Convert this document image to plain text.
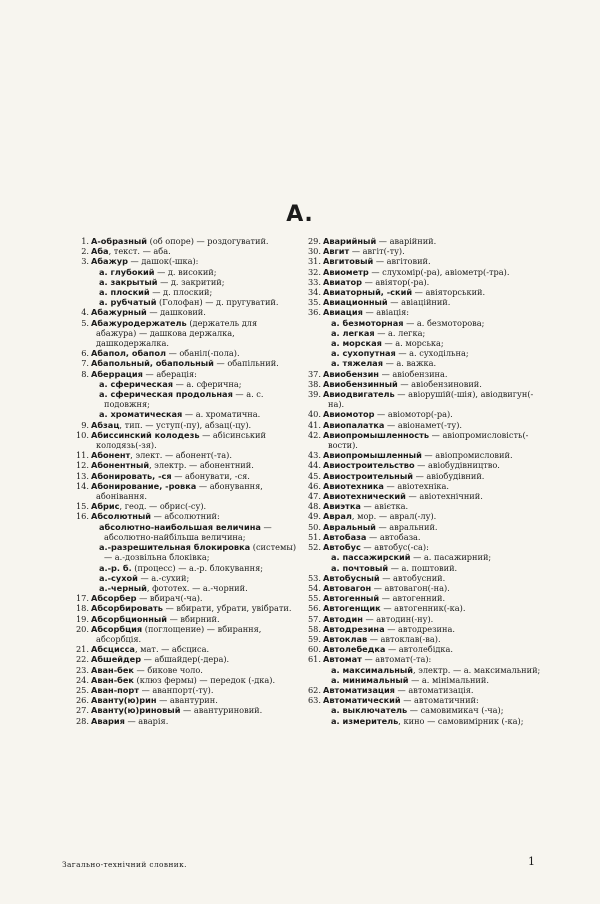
А.

1. А-образный (об опоре) — роздогуватий.

2. Аба, текст. — аба.

3. Абажур — дашок(-шка):

а. глубокий — д. високий;

а. закрытый — д. закритий;

а. плоский — д. плоский;

а. рубчатый (Голофан) — д. пругуватий.

4. Абажурный — дашковий.

5. Абажуродержатель (держатель для абажура) — дашкова держалка, дашкодержалка.

6. Абапол, обапол — обаніл(-пола).

7. Абапольный, обапольный — обапільний.

8. Аберрация — аберація:

а. сферическая — а. сферична;

а. сферическая продольная — а. с. подовжня;

а. хроматическая — а. хроматична.

9. Абзац, тип. — уступ(-пу), абзац(-цу).

10. Абиссинский колодезь — абісинський колодязь(-зя).

11. Абонент, элект. — абонент(-та).

12. Абонентный, электр. — абонентний.

13. Абонировать, -ся — абонувати, -ся.

14. Абонирование, -ровка — абонування, абонівання.

15. Абрис, геод. — обрис(-су).

16. Абсолютный — абсолютний:

абсолютно-наибольшая величина — абсолютно-найбільша величина;

а.-разрешительная блокировка (системы) — а.-дозвільна блоківка;

а.-р. б. (процесс) — а.-р. блокування;

а.-сухой — а.-сухий;

а.-черный, фототех. — а.-чорний.

17. Абсорбер — вбирач(-ча).

18. Абсорбировать — вбирати, убрати, увібрати.

19. Абсорбционный — вбирний.

20. Абсорбция (поглощение) — вбирання, абсорбція.

21. Абсцисса, мат. — абсциса.

22. Абшейдер — абшайдер(-дера).

23. Аван-бек — бикове чоло.

24. Аван-бек (клюз фермы) — передок (-дка).

25. Аван-порт — аванпорт(-ту).

26. Аванту(ю)рин — авантурин.

27. Аванту(ю)риновый — авантуриновий.

28. Авария — аварія.

29. Аварийный — аварійний.

30. Авгит — авгіт(-ту).

31. Авгитовый — авгітовий.

32. Авиометр — слухомір(-ра), авіометр(-тра).

33. Авиатор — авіятор(-ра).

34. Авиаторный, -ский — авіяторський.

35. Авиационный — авіаційний.

36. Авиация — авіація:

а. безмоторная — а. безмоторова;

а. легкая — а. легка;

а. морская — а. морська;

а. сухопутная — а. суходільна;

а. тяжелая — а. важка.

37. Авиобензин — авіобензина.

38. Авиобензинный — авіобензиновий.

39. Авиодвигатель — авіорушій(-шія), авіодвигун(-на).

40. Авиомотор — авіомотор(-ра).

41. Авиопалатка — авіонамет(-ту).

42. Авиопромышленность — авіопромисловість(-вости).

43. Авиопромышленный — авіопромисловий.

44. Авиостроительство — авіобудівництво.

45. Авиостроительный — авіобудівний.

46. Авиотехника — авіотехніка.

47. Авиотехнический — авіотехнічний.

48. Авиэтка — авієтка.

49. Аврал, мор. — аврал(-лу).

50. Авральный — авральний.

51. Автобаза — автобаза.

52. Автобус — автобус(-са):

а. пассажирский — а. пасажирний;

а. почтовый — а. поштовий.

53. Автобусный — автобусний.

54. Автовагон — автовагон(-на).

55. Автогенный — автогенний.

56. Автогенщик — автогенник(-ка).

57. Автодин — автодин(-ну).

58. Автодрезина — автодрезина.

59. Автоклав — автоклав(-ва).

60. Автолебедка — автолебідка.

61. Автомат — автомат(-та):

а. максимальный, электр. — а. максимальний;

а. минимальный — а. мінімальний.

62. Автоматизация — автоматизація.

63. Автоматический — автоматичний:

а. выключатель — самовимикач (-ча);

а. измеритель, кино — самовимірник (-ка);

Загально-технічний словник.	1
